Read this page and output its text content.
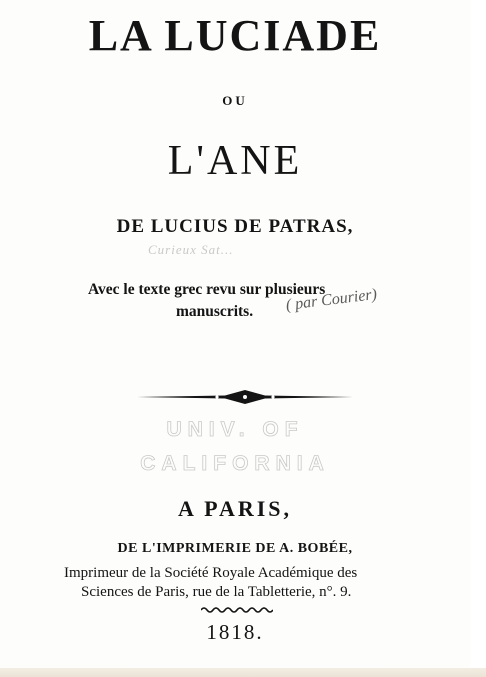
LA LUCIADE
OU
L'ANE
DE LUCIUS DE PATRAS,
Curieux Sat...
Avec le texte grec revu sur plusieurs
manuscrits. ( par Courier)
UNIV. OF
CALIFORNIA
A PARIS,
DE L'IMPRIMERIE DE A. BOBÉE,
Imprimeur de la Société Royale Académique des
Sciences de Paris, rue de la Tabletterie, n°. 9.
1818.
